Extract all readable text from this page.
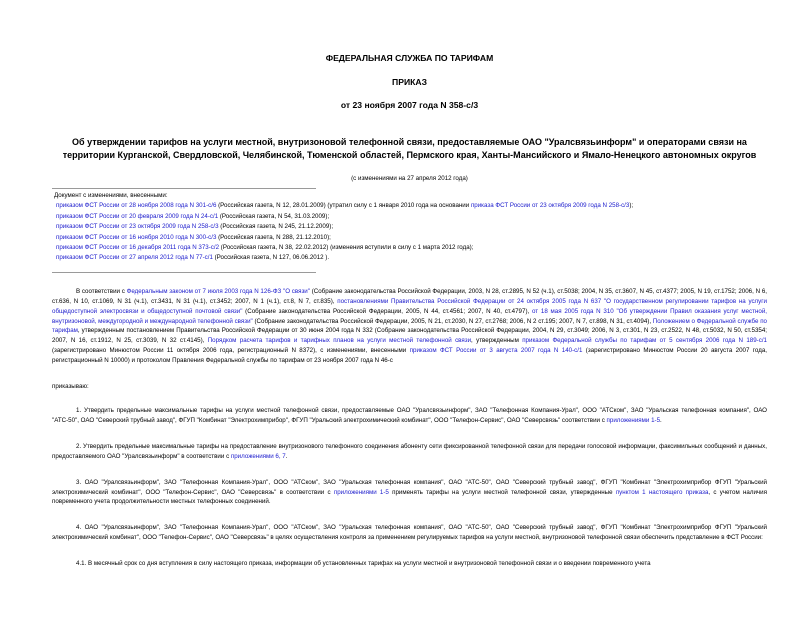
ФЕДЕРАЛЬНАЯ СЛУЖБА ПО ТАРИФАМ
ПРИКАЗ
от 23 ноября 2007 года N 358-с/3
Об утверждении тарифов на услуги местной, внутризоновой телефонной связи, предоставляемые ОАО "Уралсвязьинформ" и операторами связи на территории Курганской, Свердловской, Челябинской, Тюменской областей, Пермского края, Ханты-Мансийского и Ямало-Ненецкого автономных округов
(с изменениями на 27 апреля 2012 года)
Документ с изменениями, внесенными:
приказом ФСТ России от 28 ноября 2008 года N 301-с/6 (Российская газета, N 12, 28.01.2009) (утратил силу с 1 января 2010 года на основании приказа ФСТ России от 23 октября 2009 года N 258-с/3);
приказом ФСТ России от 20 февраля 2009 года N 24-с/1 (Российская газета, N 54, 31.03.2009);
приказом ФСТ России от 23 октября 2009 года N 258-с/3 (Российская газета, N 245, 21.12.2009);
приказом ФСТ России от 16 ноября 2010 года N 300-с/3 (Российская газета, N 288, 21.12.2010);
приказом ФСТ России от 16 декабря 2011 года N 373-с/2 (Российская газета, N 38, 22.02.2012) (изменения вступили в силу с 1 марта 2012 года);
приказом ФСТ России от 27 апреля 2012 года N 77-с/1 (Российская газета, N 127, 06.06.2012 ).
В соответствии с Федеральным законом от 7 июля 2003 года N 126-ФЗ "О связи" (Собрание законодательства Российской Федерации, 2003, N 28, ст.2895, N 52 (ч.1), ст.5038; 2004, N 35, ст.3607, N 45, ст.4377; 2005, N 19, ст.1752; 2006, N 6, ст.636, N 10, ст.1069, N 31 (ч.1), ст.3431, N 31 (ч.1), ст.3452; 2007, N 1 (ч.1), ст.8, N 7, ст.835), постановлениями Правительства Российской Федерации от 24 октября 2005 года N 637 "О государственном регулировании тарифов на услуги общедоступной электросвязи и общедоступной почтовой связи" (Собрание законодательства Российской Федерации, 2005, N 44, ст.4561; 2007, N 40, ст.4797), от 18 мая 2005 года N 310 "Об утверждении Правил оказания услуг местной, внутризоновой, междугородной и международной телефонной связи" (Собрание законодательства Российской Федерации, 2005, N 21, ст.2030, N 27, ст.2768; 2006, N 2 ст.195; 2007, N 7, ст.898, N 31, ст.4094), Положением о Федеральной службе по тарифам, утвержденным постановлением Правительства Российской Федерации от 30 июня 2004 года N 332 (Собрание законодательства Российской Федерации, 2004, N 29, ст.3049; 2006, N 3, ст.301, N 23, ст.2522, N 48, ст.5032, N 50, ст.5354; 2007, N 16, ст.1912, N 25, ст.3039, N 32 ст.4145), Порядком расчета тарифов и тарифных планов на услуги местной телефонной связи, утвержденным приказом Федеральной службы по тарифам от 5 сентября 2006 года N 189-с/1 (зарегистрировано Минюстом России 11 октября 2006 года, регистрационный N 8372), с изменениями, внесенными приказом ФСТ России от 3 августа 2007 года N 140-с/1 (зарегистрировано Минюстом России 20 августа 2007 года, регистрационный N 10000) и протоколом Правления Федеральной службы по тарифам от 23 ноября 2007 года N 46-с
приказываю:
1. Утвердить предельные максимальные тарифы на услуги местной телефонной связи, предоставляемые ОАО "Уралсвязьинформ", ЗАО "Телефонная Компания-Урал", ООО "АТСком", ЗАО "Уральская телефонная компания", ОАО "АТС-50", ОАО "Северский трубный завод", ФГУП "Комбинат "Электрохимприбор", ФГУП "Уральский электрохимический комбинат", ООО "Телефон-Сервис", ОАО "Северсвязь" соответствии с приложениями 1-5.
2. Утвердить предельные максимальные тарифы на предоставление внутризонового телефонного соединения абоненту сети фиксированной телефонной связи для передачи голосовой информации, факсимильных сообщений и данных, предоставляемого ОАО "Уралсвязьинформ" в соответствии с приложениями 6, 7.
3. ОАО "Уралсвязьинформ", ЗАО "Телефонная Компания-Урал", ООО "АТСком", ЗАО "Уральская телефонная компания", ОАО "АТС-50", ОАО "Северский трубный завод", ФГУП "Комбинат "Электрохимприбор ФГУП "Уральский электрохимический комбинат", ООО "Телефон-Сервис", ОАО "Северсвязь" в соответствии с приложениями 1-5 применять тарифы на услуги местной телефонной связи, утвержденные пунктом 1 настоящего приказа, с учетом наличия повременного учета продолжительности местных телефонных соединений.
4. ОАО "Уралсвязьинформ", ЗАО "Телефонная Компания-Урал", ООО "АТСком", ЗАО "Уральская телефонная компания", ОАО "АТС-50", ОАО "Северский трубный завод", ФГУП "Комбинат "Электрохимприбор ФГУП "Уральский электрохимический комбинат", ООО "Телефон-Сервис", ОАО "Северсвязь" в целях осуществления контроля за применением регулируемых тарифов на услуги местной, внутризоновой телефонной связи обеспечить представление в ФСТ России:
4.1. В месячный срок со дня вступления в силу настоящего приказа, информации об установленных тарифах на услуги местной и внутризоновой телефонной связи и о введении повременного учета
